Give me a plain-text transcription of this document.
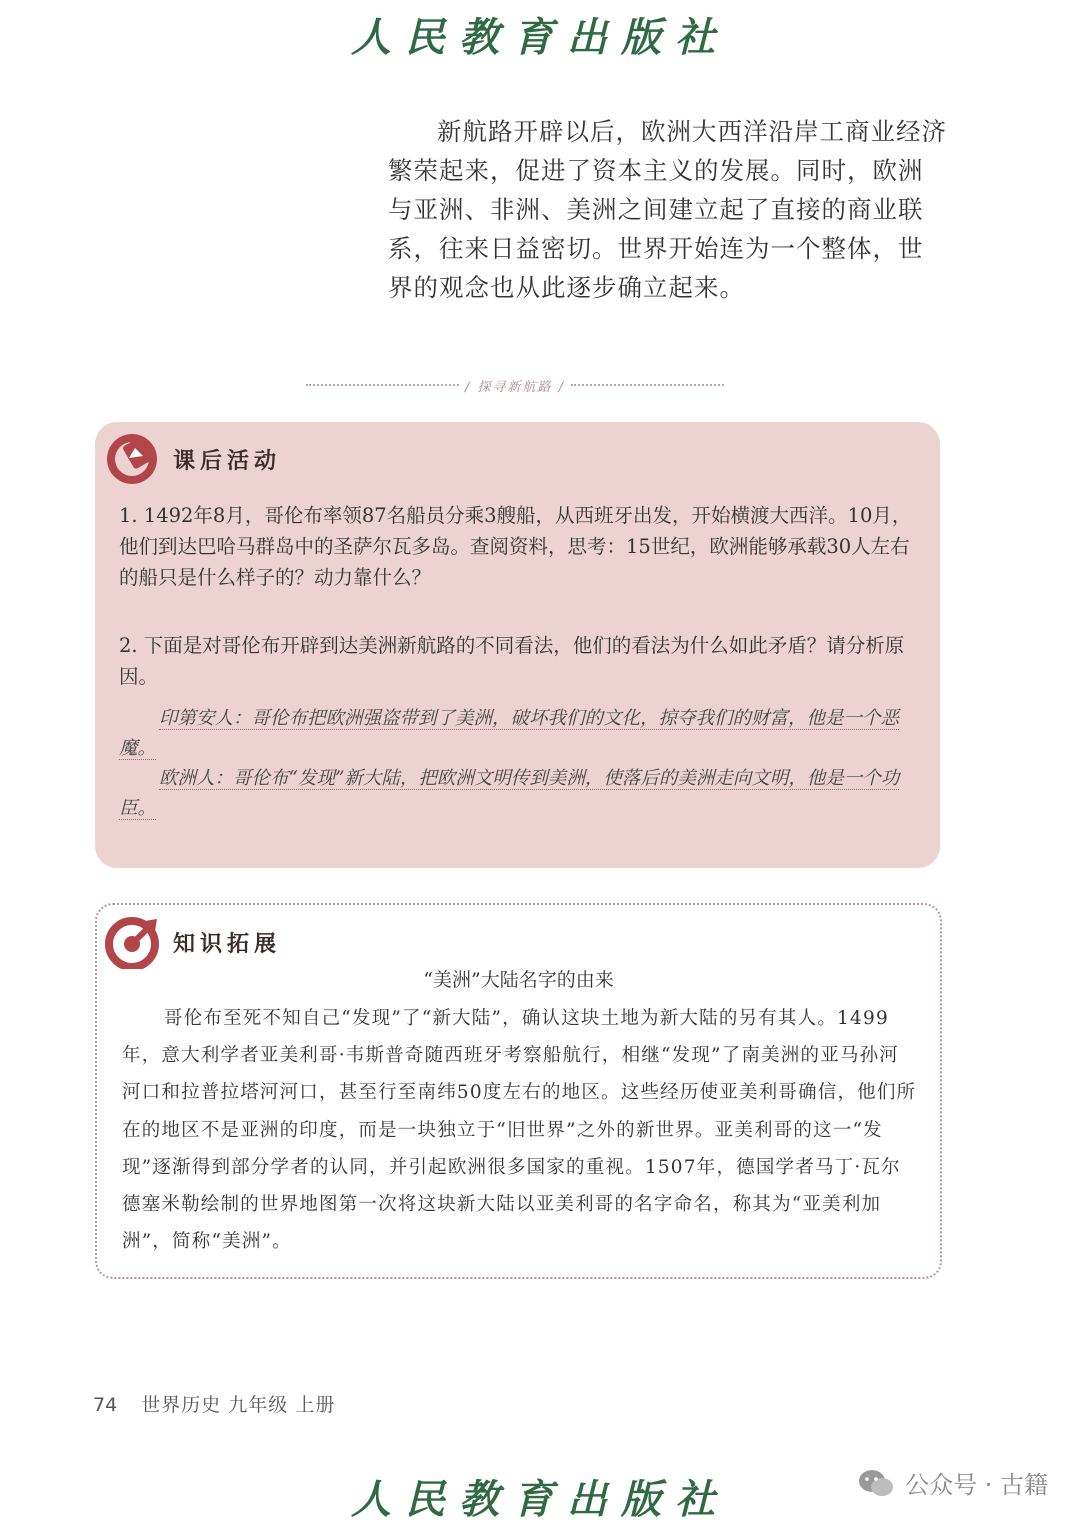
人民教育出版社

新航路开辟以后，欧洲大西洋沿岸工商业经济繁荣起来，促进了资本主义的发展。同时，欧洲与亚洲、非洲、美洲之间建立起了直接的商业联系，往来日益密切。世界开始连为一个整体，世界的观念也从此逐步确立起来。

/ 探寻新航路 /
课后活动

1. 1492年8月，哥伦布率领87名船员分乘3艘船，从西班牙出发，开始横渡大西洋。10月，他们到达巴哈马群岛中的圣萨尔瓦多岛。查阅资料，思考：15世纪，欧洲能够承载30人左右的船只是什么样子的？动力靠什么？

2. 下面是对哥伦布开辟到达美洲新航路的不同看法，他们的看法为什么如此矛盾？请分析原因。

印第安人：哥伦布把欧洲强盗带到了美洲，破坏我们的文化，掠夺我们的财富，他是一个恶魔。

欧洲人：哥伦布“发现”新大陆，把欧洲文明传到美洲，使落后的美洲走向文明，他是一个功臣。

知识拓展
“美洲”大陆名字的由来

哥伦布至死不知自己“发现”了“新大陆”，确认这块土地为新大陆的另有其人。1499年，意大利学者亚美利哥·韦斯普奇随西班牙考察船航行，相继“发现”了南美洲的亚马孙河河口和拉普拉塔河河口，甚至行至南纬50度左右的地区。这些经历使亚美利哥确信，他们所在的地区不是亚洲的印度，而是一块独立于“旧世界”之外的新世界。亚美利哥的这一“发现”逐渐得到部分学者的认同，并引起欧洲很多国家的重视。1507年，德国学者马丁·瓦尔德塞米勒绘制的世界地图第一次将这块新大陆以亚美利哥的名字命名，称其为“亚美利加洲”，简称“美洲”。

74 世界历史 九年级 上册
人民教育出版社	公众号 · 古籍
